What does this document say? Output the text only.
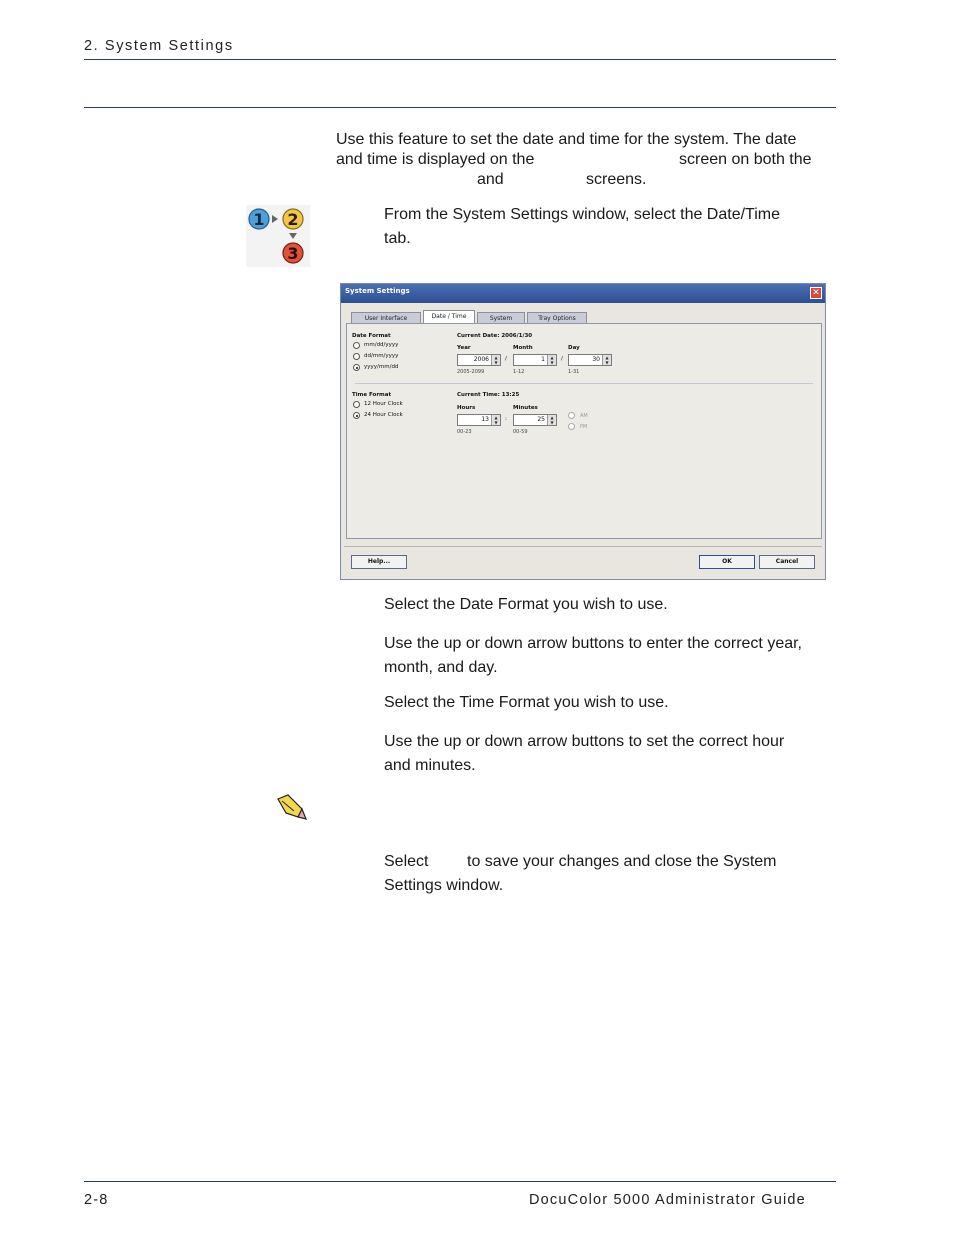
2. System Settings
Use this feature to set the date and time for the system. The date
and time is displayed on the	screen on both the
and	screens.
1 2
3
From the System Settings window, select the Date/Time
tab.
System Settings	✕
User Interface	Date / Time	System	Tray Options
Date Format
mm/dd/yyyy
dd/mm/yyyy
yyyy/mm/dd
Current Date: 2006/1/30
Year
2006	▲
▼
2005-2099
/
Month
1	▲
▼
1-12
/
Day
30	▲
▼
1-31
Time Format
12 Hour Clock
24 Hour Clock
Current Time: 13:25
Hours
13	▲
▼
00-23
:
Minutes
25	▲
▼
00-59
AM
PM
Help...	OK	Cancel
Select the Date Format you wish to use.
Use the up or down arrow buttons to enter the correct year,
month, and day.
Select the Time Format you wish to use.
Use the up or down arrow buttons to set the correct hour
and minutes.
Select to save your changes and close the System
Settings window.
2-8	DocuColor 5000 Administrator Guide
